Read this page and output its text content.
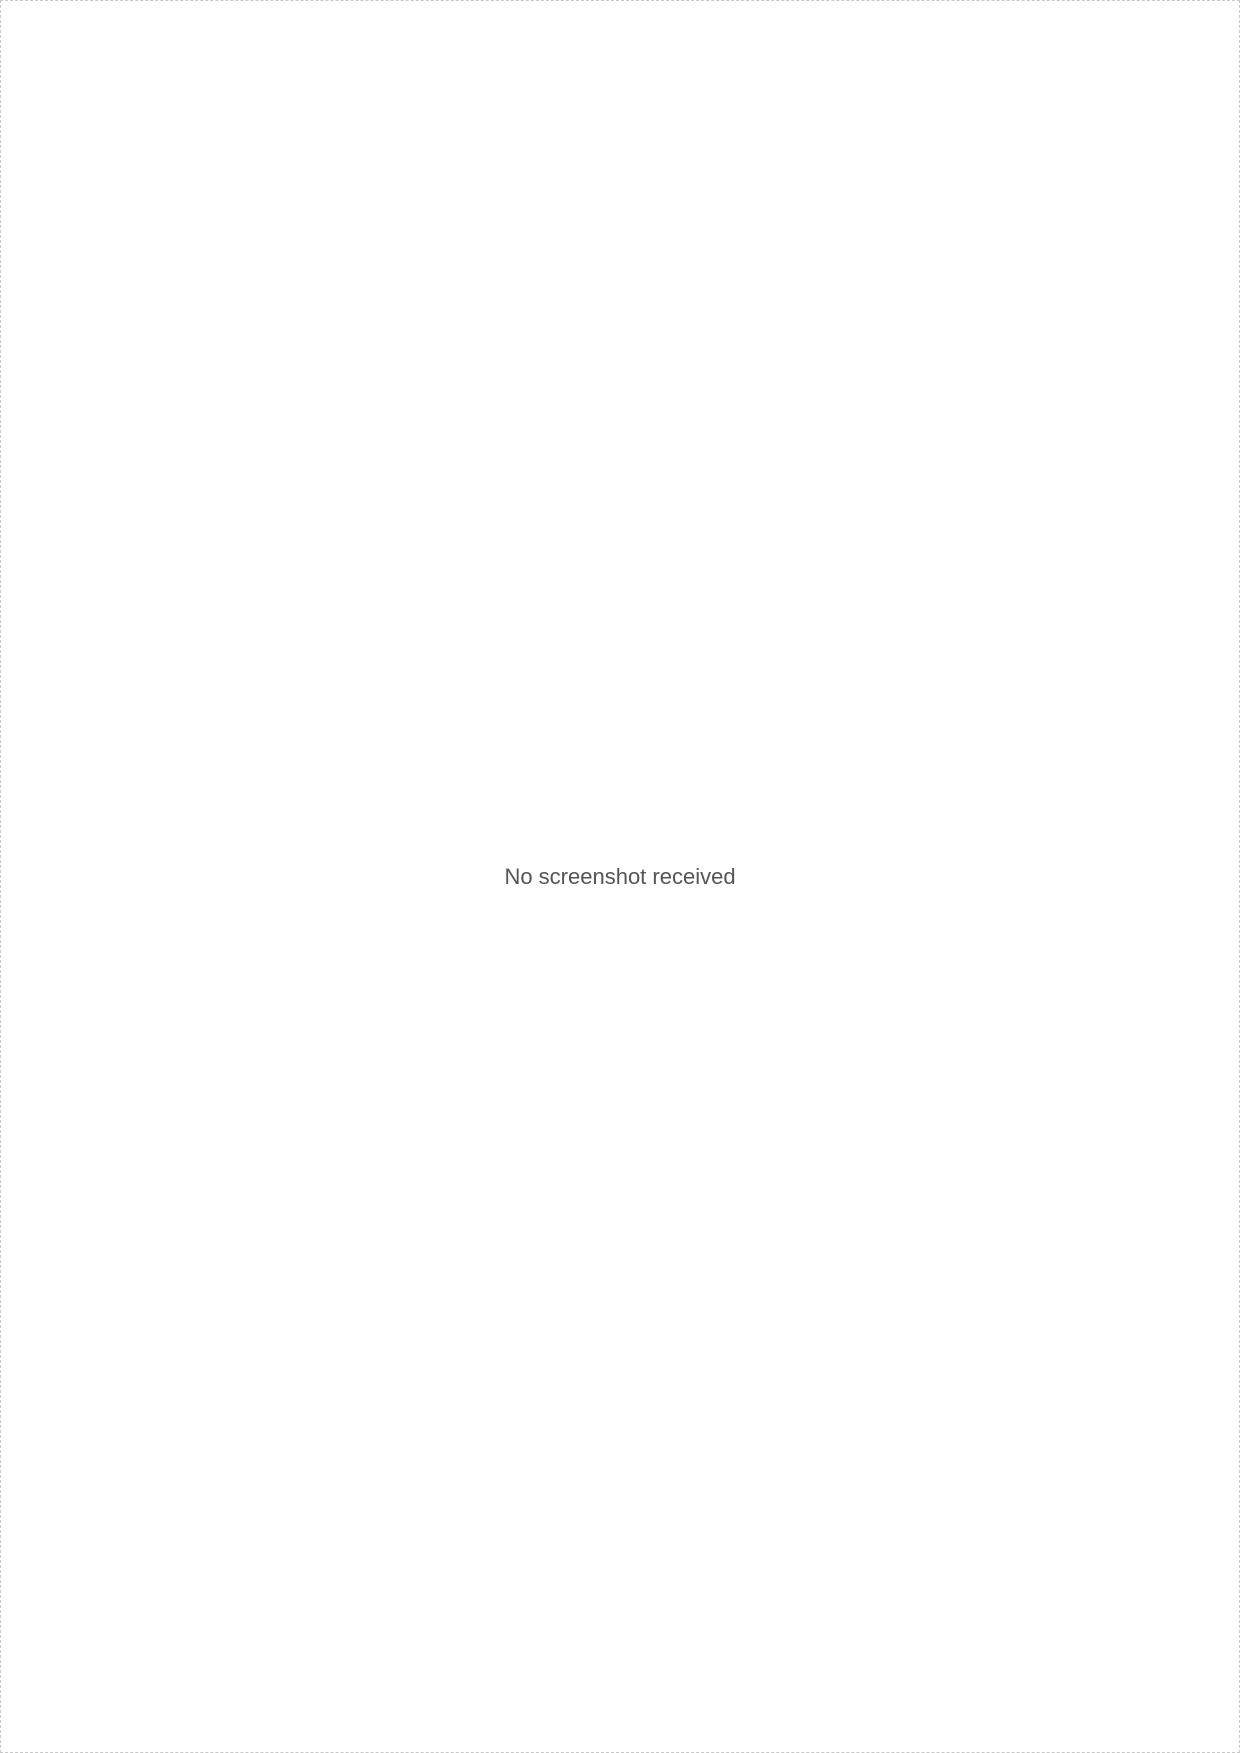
No screenshot received
